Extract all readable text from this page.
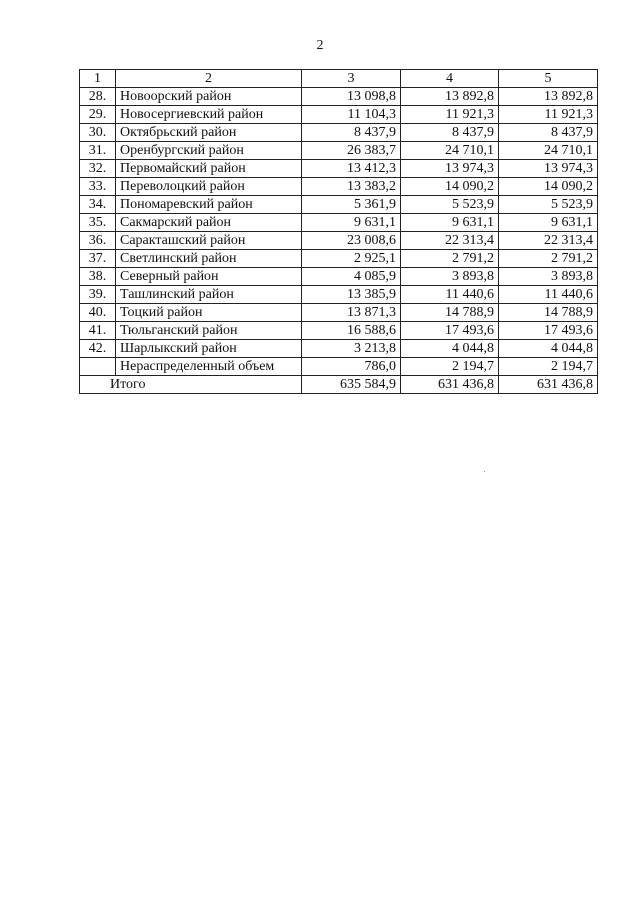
2
1	2	3	4	5
28.	Новоорский район	13 098,8	13 892,8	13 892,8
29.	Новосергиевский район	11 104,3	11 921,3	11 921,3
30.	Октябрьский район	8 437,9	8 437,9	8 437,9
31.	Оренбургский район	26 383,7	24 710,1	24 710,1
32.	Первомайский район	13 412,3	13 974,3	13 974,3
33.	Переволоцкий район	13 383,2	14 090,2	14 090,2
34.	Пономаревский район	5 361,9	5 523,9	5 523,9
35.	Сакмарский район	9 631,1	9 631,1	9 631,1
36.	Саракташский район	23 008,6	22 313,4	22 313,4
37.	Светлинский район	2 925,1	2 791,2	2 791,2
38.	Северный район	4 085,9	3 893,8	3 893,8
39.	Ташлинский район	13 385,9	11 440,6	11 440,6
40.	Тоцкий район	13 871,3	14 788,9	14 788,9
41.	Тюльганский район	16 588,6	17 493,6	17 493,6
42.	Шарлыкский район	3 213,8	4 044,8	4 044,8
	Нераспределенный объем	786,0	2 194,7	2 194,7
Итого		635 584,9	631 436,8	631 436,8
